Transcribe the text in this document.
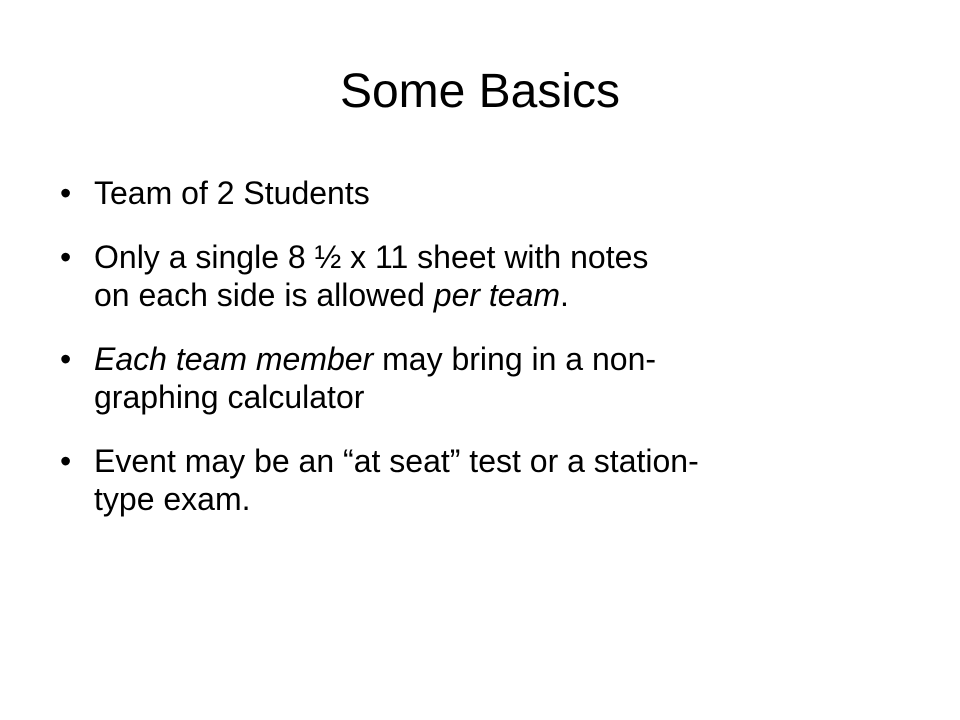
Some Basics
• Team of 2 Students
• Only a single 8 ½ x 11 sheet with notes
on each side is allowed per team.
• Each team member may bring in a non-
graphing calculator
• Event may be an “at seat” test or a station-
type exam.
